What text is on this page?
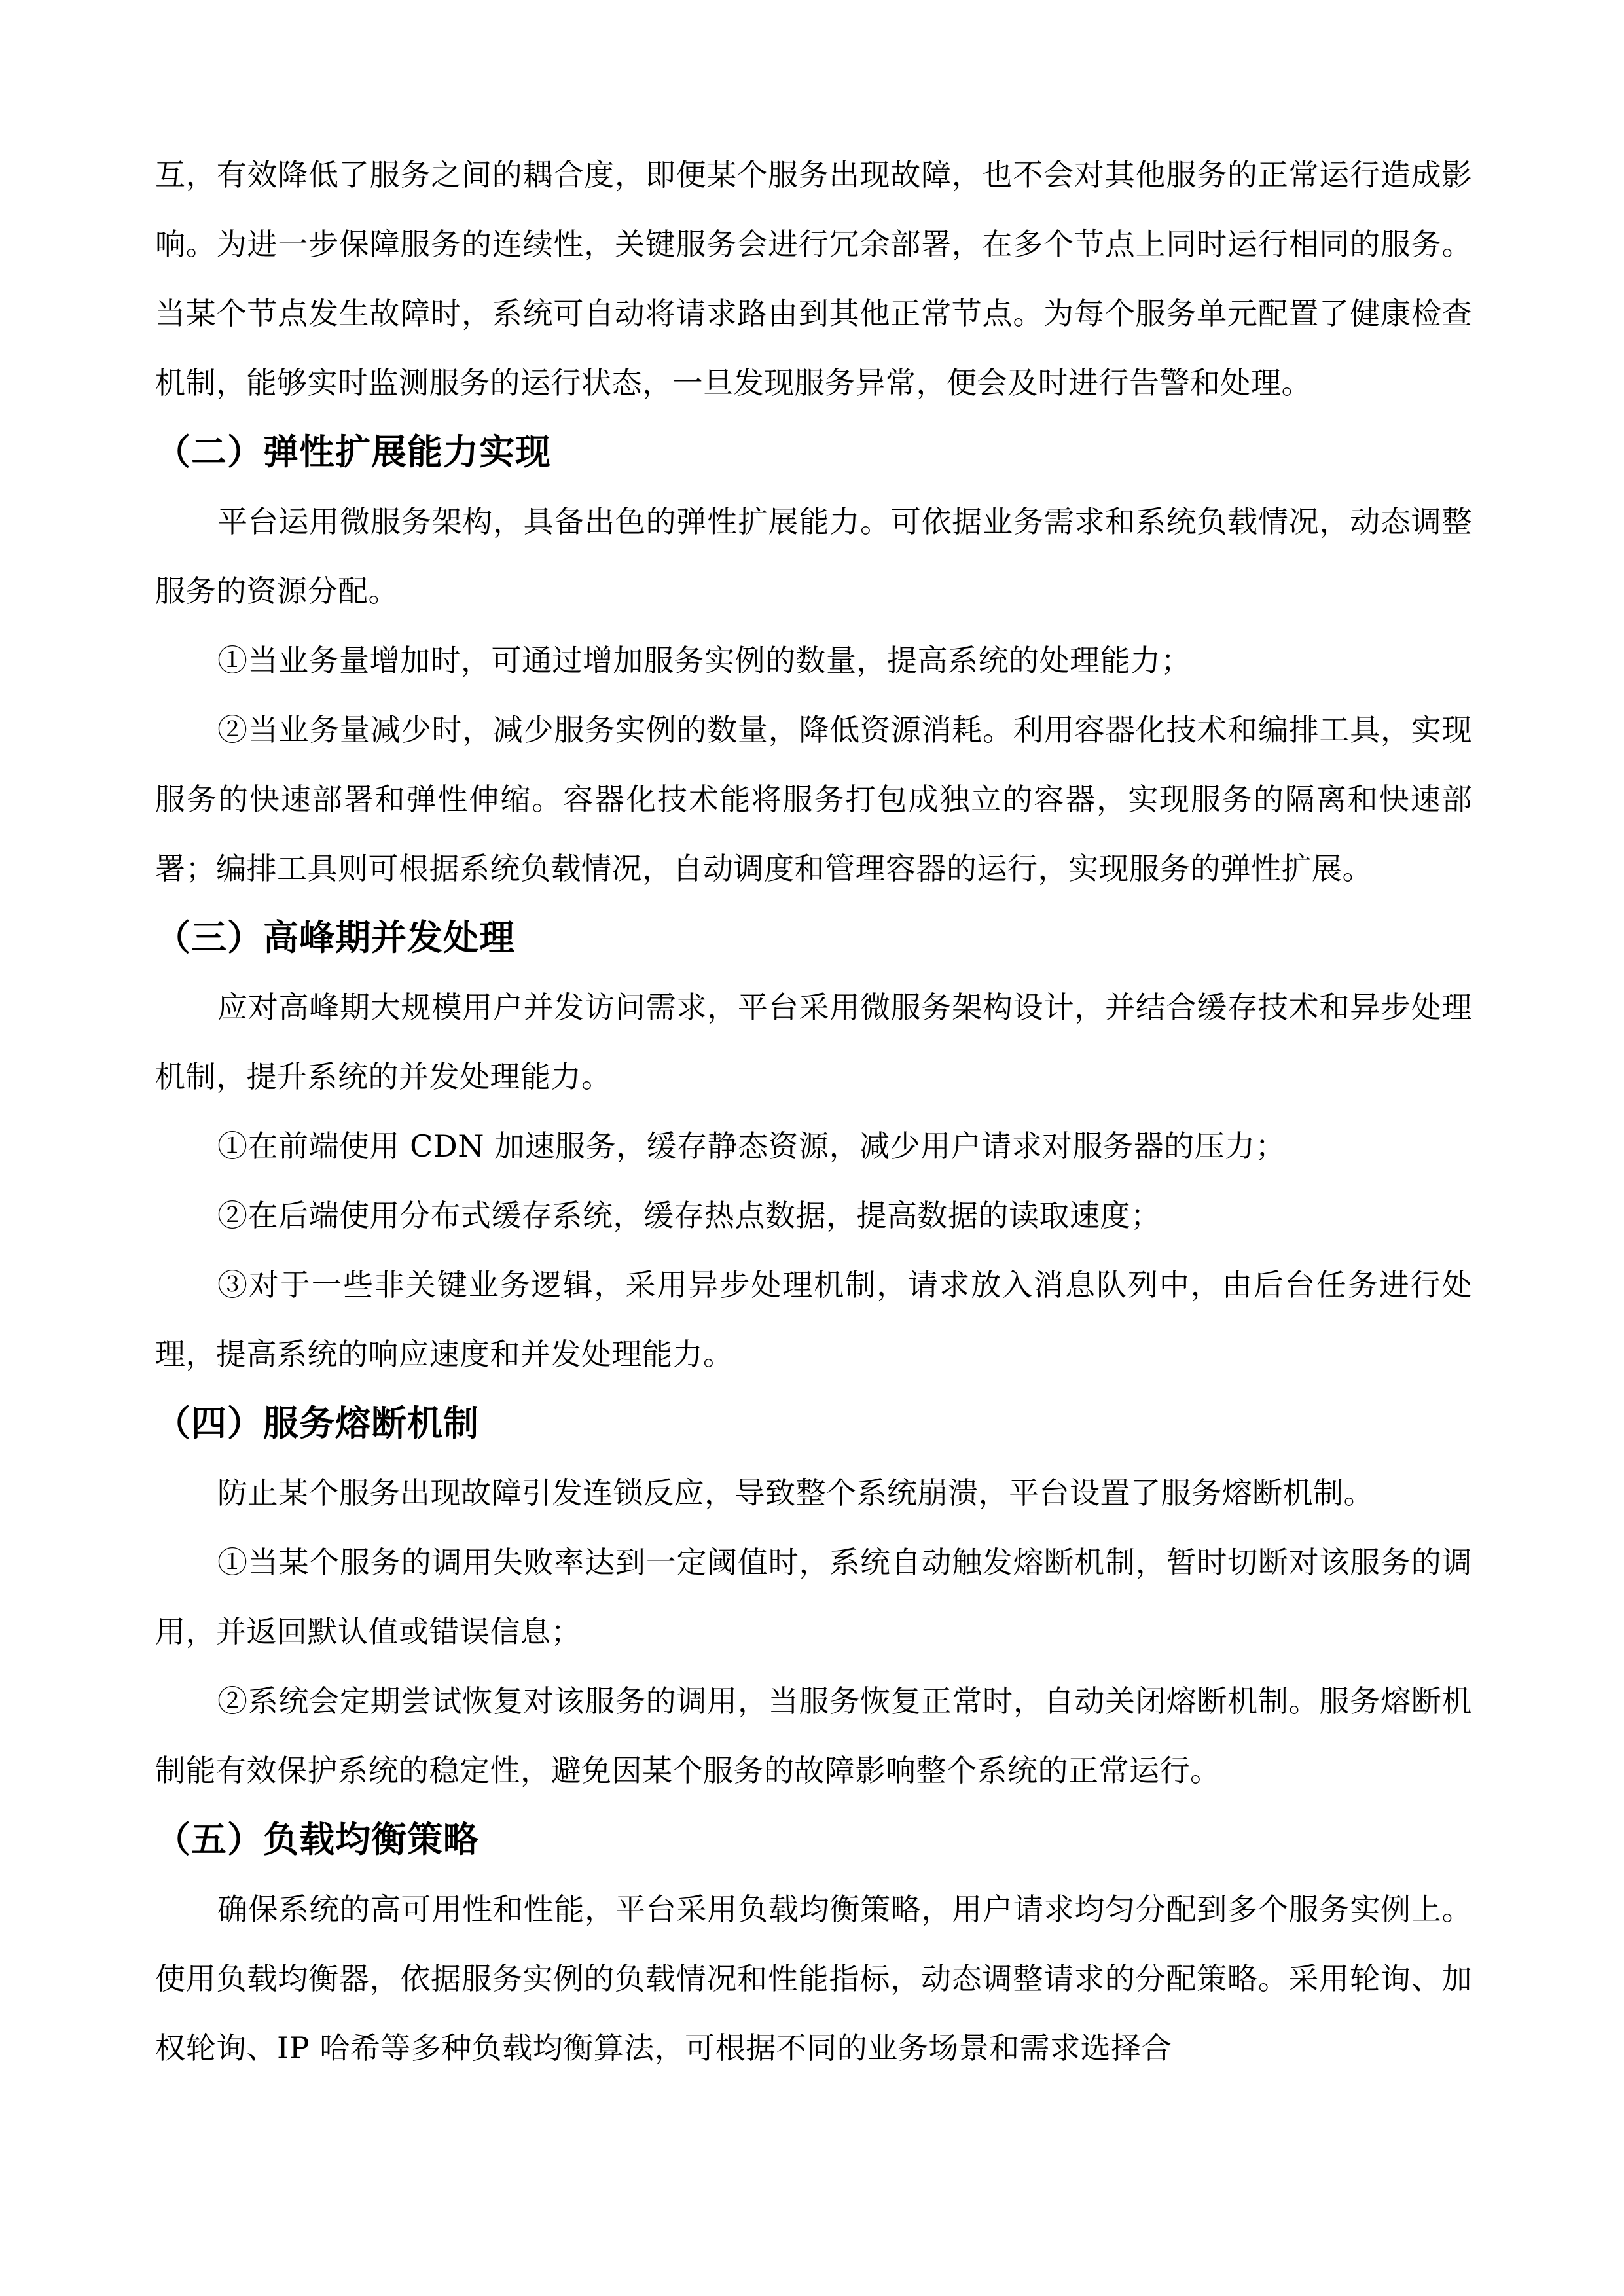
互，有效降低了服务之间的耦合度，即便某个服务出现故障，也不会对其他服务的正常运行造成影响。为进一步保障服务的连续性，关键服务会进行冗余部署，在多个节点上同时运行相同的服务。当某个节点发生故障时，系统可自动将请求路由到其他正常节点。为每个服务单元配置了健康检查机制，能够实时监测服务的运行状态，一旦发现服务异常，便会及时进行告警和处理。

（二）弹性扩展能力实现

平台运用微服务架构，具备出色的弹性扩展能力。可依据业务需求和系统负载情况，动态调整服务的资源分配。

①当业务量增加时，可通过增加服务实例的数量，提高系统的处理能力；

②当业务量减少时，减少服务实例的数量，降低资源消耗。利用容器化技术和编排工具，实现服务的快速部署和弹性伸缩。容器化技术能将服务打包成独立的容器，实现服务的隔离和快速部署；编排工具则可根据系统负载情况，自动调度和管理容器的运行，实现服务的弹性扩展。

（三）高峰期并发处理

应对高峰期大规模用户并发访问需求，平台采用微服务架构设计，并结合缓存技术和异步处理机制，提升系统的并发处理能力。

①在前端使用 CDN 加速服务，缓存静态资源，减少用户请求对服务器的压力；

②在后端使用分布式缓存系统，缓存热点数据，提高数据的读取速度；

③对于一些非关键业务逻辑，采用异步处理机制，请求放入消息队列中，由后台任务进行处理，提高系统的响应速度和并发处理能力。

（四）服务熔断机制

防止某个服务出现故障引发连锁反应，导致整个系统崩溃，平台设置了服务熔断机制。

①当某个服务的调用失败率达到一定阈值时，系统自动触发熔断机制，暂时切断对该服务的调用，并返回默认值或错误信息；

②系统会定期尝试恢复对该服务的调用，当服务恢复正常时，自动关闭熔断机制。服务熔断机制能有效保护系统的稳定性，避免因某个服务的故障影响整个系统的正常运行。

（五）负载均衡策略

确保系统的高可用性和性能，平台采用负载均衡策略，用户请求均匀分配到多个服务实例上。使用负载均衡器，依据服务实例的负载情况和性能指标，动态调整请求的分配策略。采用轮询、加权轮询、IP 哈希等多种负载均衡算法，可根据不同的业务场景和需求选择合
